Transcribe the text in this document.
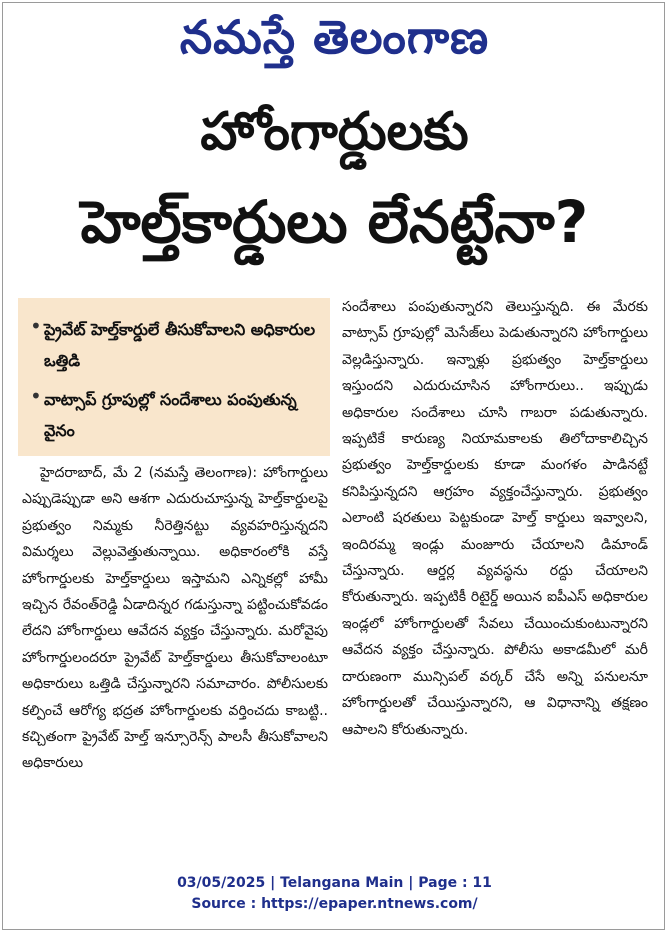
నమస్తే తెలంగాణ
హోంగార్డులకు
హెల్త్‌కార్డులు లేనట్టేనా?
• ప్రైవేట్ హెల్త్‌కార్డులే తీసుకోవాలని అధికారుల ఒత్తిడి
• వాట్సాప్ గ్రూపుల్లో సందేశాలు పంపుతున్న వైనం

హైదరాబాద్, మే 2 (నమస్తే తెలంగాణ): హోంగార్డులు ఎప్పుడెప్పుడా అని ఆశగా ఎదురుచూస్తున్న హెల్త్‌కార్డులపై ప్రభుత్వం నిమ్మకు నీరెత్తినట్టు వ్యవహరిస్తున్నదని విమర్శలు వెల్లువెత్తుతున్నాయి. అధికారంలోకి వస్తే హోంగార్డులకు హెల్త్‌కార్డులు ఇస్తామని ఎన్నికల్లో హామీ ఇచ్చిన రేవంత్‌రెడ్డి ఏడాదిన్నర గడుస్తున్నా పట్టించుకోవడం లేదని హోంగార్డులు ఆవేదన వ్యక్తం చేస్తున్నారు. మరోవైపు హోంగార్డులందరూ ప్రైవేట్ హెల్త్‌కార్డులు తీసుకోవాలంటూ అధికారులు ఒత్తిడి చేస్తున్నారని సమాచారం. పోలీసులకు కల్పించే ఆరోగ్య భద్రత హోంగార్డులకు వర్తించదు కాబట్టి.. కచ్చితంగా ప్రైవేట్ హెల్త్ ఇన్సూరెన్స్ పాలసీ తీసుకోవాలని అధికారులు

సందేశాలు పంపుతున్నారని తెలుస్తున్నది. ఈ మేరకు వాట్సాప్ గ్రూపుల్లో మెసేజ్‌లు పెడుతున్నారని హోంగార్డులు వెల్లడిస్తున్నారు. ఇన్నాళ్లు ప్రభుత్వం హెల్త్‌కార్డులు ఇస్తుందని ఎదురుచూసిన హోంగారులు.. ఇప్పుడు అధికారుల సందేశాలు చూసి గాబరా పడుతున్నారు. ఇప్పటికే కారుణ్య నియామకాలకు తిలోదాకాలిచ్చిన ప్రభుత్వం హెల్త్‌కార్డులకు కూడా మంగళం పాడినట్టే కనిపిస్తున్నదని ఆగ్రహం వ్యక్తంచేస్తున్నారు. ప్రభుత్వం ఎలాంటి షరతులు పెట్టకుండా హెల్త్ కార్డులు ఇవ్వాలని, ఇందిరమ్మ ఇండ్లు మంజూరు చేయాలని డిమాండ్ చేస్తున్నారు. ఆర్డర్ల వ్యవస్థను రద్దు చేయాలని కోరుతున్నారు. ఇప్పటికీ రిటైర్డ్ అయిన ఐపీఎస్ అధికారుల ఇండ్లలో హోంగార్డులతో సేవలు చేయించుకుంటున్నారని ఆవేదన వ్యక్తం చేస్తున్నారు. పోలీసు అకాడమీలో మరీ దారుణంగా మున్సిపల్ వర్కర్ చేసే అన్ని పనులనూ హోంగార్డులతో చేయిస్తున్నారని, ఆ విధానాన్ని తక్షణం ఆపాలని కోరుతున్నారు.

03/05/2025 | Telangana Main | Page : 11
Source : https://epaper.ntnews.com/
